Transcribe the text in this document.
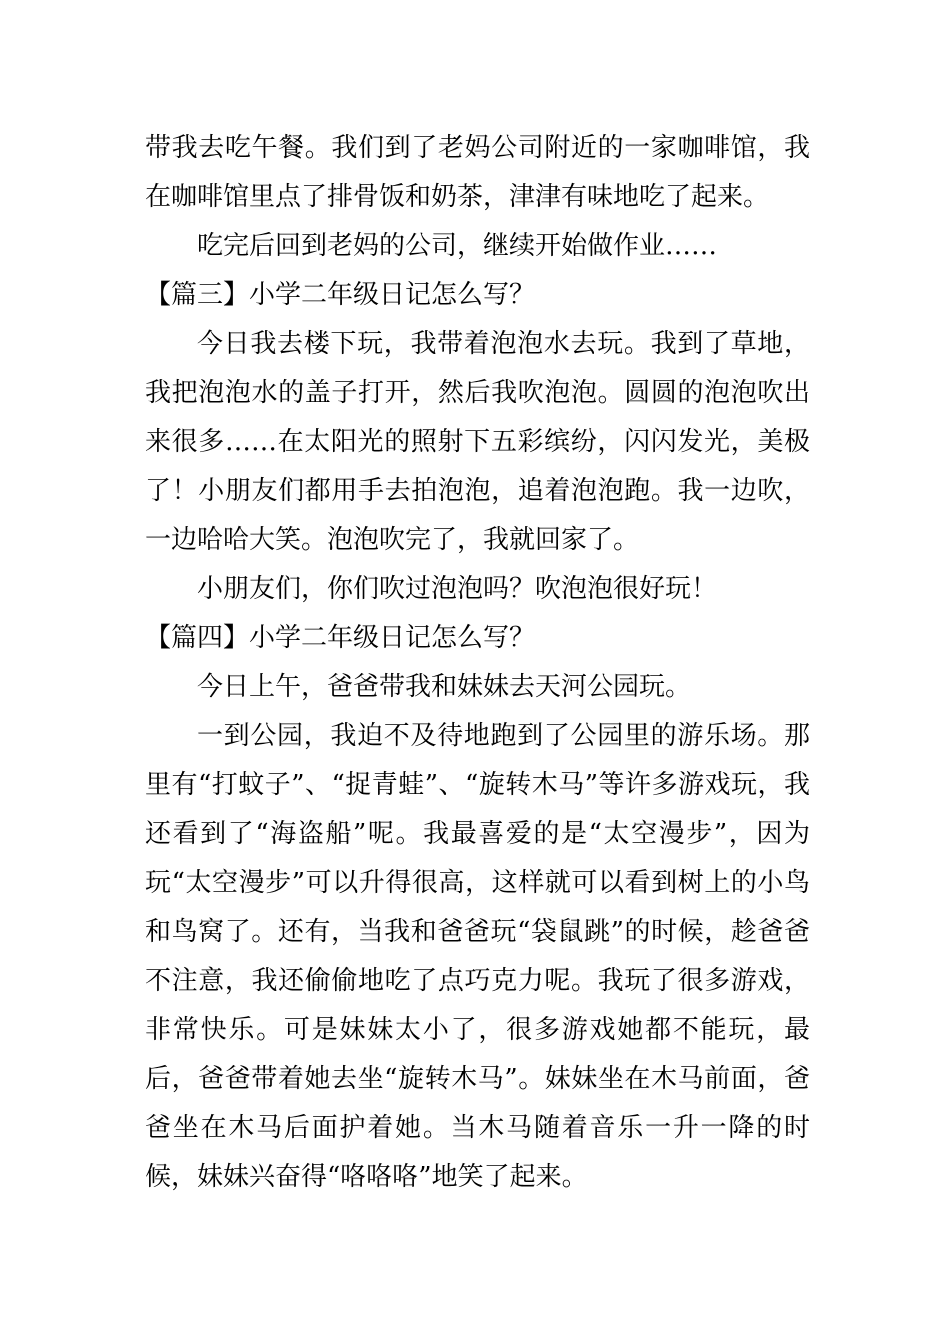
带我去吃午餐。我们到了老妈公司附近的一家咖啡馆，我在咖啡馆里点了排骨饭和奶茶，津津有味地吃了起来。

吃完后回到老妈的公司，继续开始做作业……

【篇三】小学二年级日记怎么写？

今日我去楼下玩，我带着泡泡水去玩。我到了草地，我把泡泡水的盖子打开，然后我吹泡泡。圆圆的泡泡吹出来很多……在太阳光的照射下五彩缤纷，闪闪发光，美极了！小朋友们都用手去拍泡泡，追着泡泡跑。我一边吹，一边哈哈大笑。泡泡吹完了，我就回家了。

小朋友们，你们吹过泡泡吗？吹泡泡很好玩！

【篇四】小学二年级日记怎么写？

今日上午，爸爸带我和妹妹去天河公园玩。

一到公园，我迫不及待地跑到了公园里的游乐场。那里有“打蚊子”、“捉青蛙”、“旋转木马”等许多游戏玩，我还看到了“海盗船”呢。我最喜爱的是“太空漫步”，因为玩“太空漫步”可以升得很高，这样就可以看到树上的小鸟和鸟窝了。还有，当我和爸爸玩“袋鼠跳”的时候，趁爸爸不注意，我还偷偷地吃了点巧克力呢。我玩了很多游戏，非常快乐。可是妹妹太小了，很多游戏她都不能玩，最后，爸爸带着她去坐“旋转木马”。妹妹坐在木马前面，爸爸坐在木马后面护着她。当木马随着音乐一升一降的时候，妹妹兴奋得“咯咯咯”地笑了起来。
